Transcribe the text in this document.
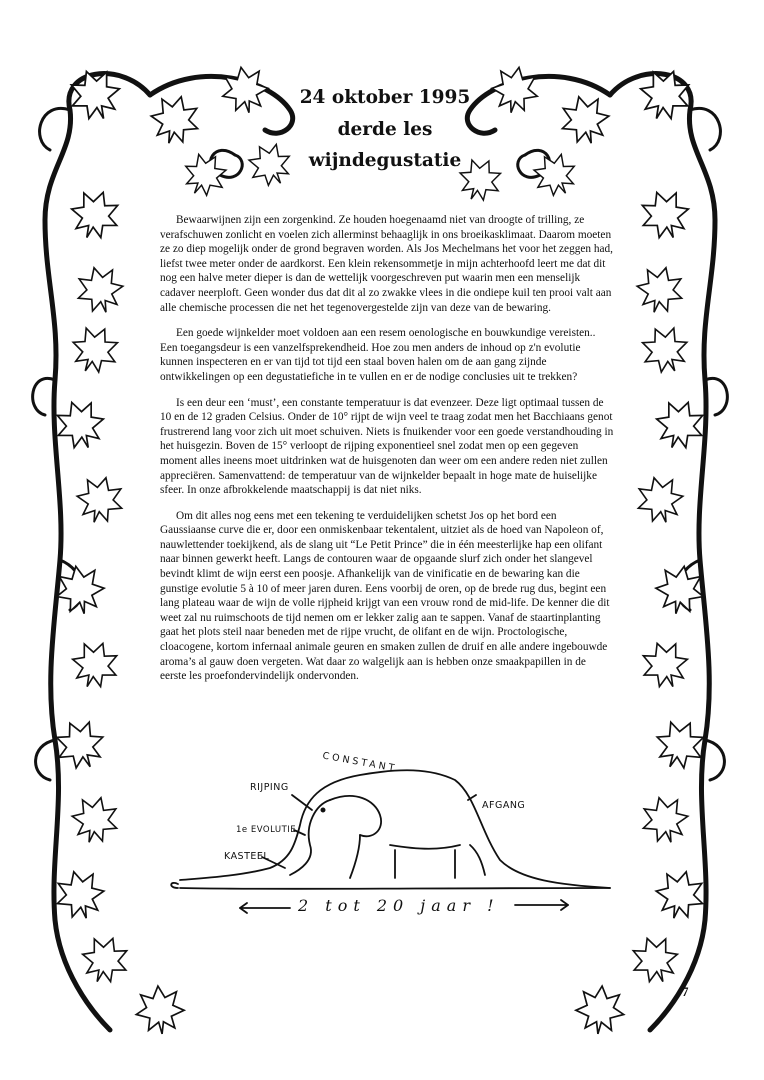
24 oktober 1995
derde les
wijndegustatie

Bewaarwijnen zijn een zorgenkind. Ze houden hoegenaamd niet van droogte of trilling, ze verafschuwen zonlicht en voelen zich allerminst behaaglijk in ons broeikasklimaat. Daarom moeten ze zo diep mogelijk onder de grond begraven worden. Als Jos Mechelmans het voor het zeggen had, liefst twee meter onder de aardkorst. Een klein rekensommetje in mijn achterhoofd leert me dat dit nog een halve meter dieper is dan de wettelijk voorgeschreven put waarin men een menselijk cadaver neerploft. Geen wonder dus dat dit al zo zwakke vlees in die ondiepe kuil ten prooi valt aan alle chemische processen die net het tegenovergestelde zijn van deze van de bewaring.

Een goede wijnkelder moet voldoen aan een resem oenologische en bouwkundige vereisten.. Een toegangsdeur is een vanzelfsprekendheid. Hoe zou men anders de inhoud op z'n evolutie kunnen inspecteren en er van tijd tot tijd een staal boven halen om de aan gang zijnde ontwikkelingen op een degustatiefiche in te vullen en er de nodige conclusies uit te trekken?

Is een deur een ‘must’, een constante temperatuur is dat evenzeer. Deze ligt optimaal tussen de 10 en de 12 graden Celsius. Onder de 10° rijpt de wijn veel te traag zodat men het Bacchiaans genot frustrerend lang voor zich uit moet schuiven. Niets is fnuikender voor een goede verstandhouding in het huisgezin. Boven de 15° verloopt de rijping exponentieel snel zodat men op een gegeven moment alles ineens moet uitdrinken wat de huisgenoten dan weer om een andere reden niet zullen appreciëren. Samenvattend: de temperatuur van de wijnkelder bepaalt in hoge mate de huiselijke sfeer. In onze afbrokkelende maatschappij is dat niet niks.

Om dit alles nog eens met een tekening te verduidelijken schetst Jos op het bord een Gaussiaanse curve die er, door een onmiskenbaar tekentalent, uitziet als de hoed van Napoleon of, nauwlettender toekijkend, als de slang uit “Le Petit Prince” die in één meesterlijke hap een olifant naar binnen gewerkt heeft. Langs de contouren waar de opgaande slurf zich onder het slangevel bevindt klimt de wijn eerst een poosje. Afhankelijk van de vinificatie en de bewaring kan die gunstige evolutie 5 à 10 of meer jaren duren. Eens voorbij de oren, op de brede rug dus, begint een lang plateau waar de wijn de volle rijpheid krijgt van een vrouw rond de mid-life. De kenner die dit weet zal nu ruimschoots de tijd nemen om er lekker zalig aan te sappen. Vanaf de staartinplanting gaat het plots steil naar beneden met de rijpe vrucht, de olifant en de wijn. Proctologische, cloacogene, kortom infernaal animale geuren en smaken zullen de druif en alle andere ingebouwde aroma’s al gauw doen vergeten. Wat daar zo walgelijk aan is hebben onze smaakpapillen in de eerste les proefondervindelijk ondervonden.

CONSTANT
RIJPING
AFGANG
1e EVOLUTIE
KASTEEL
2 tot 20 jaar !
7
